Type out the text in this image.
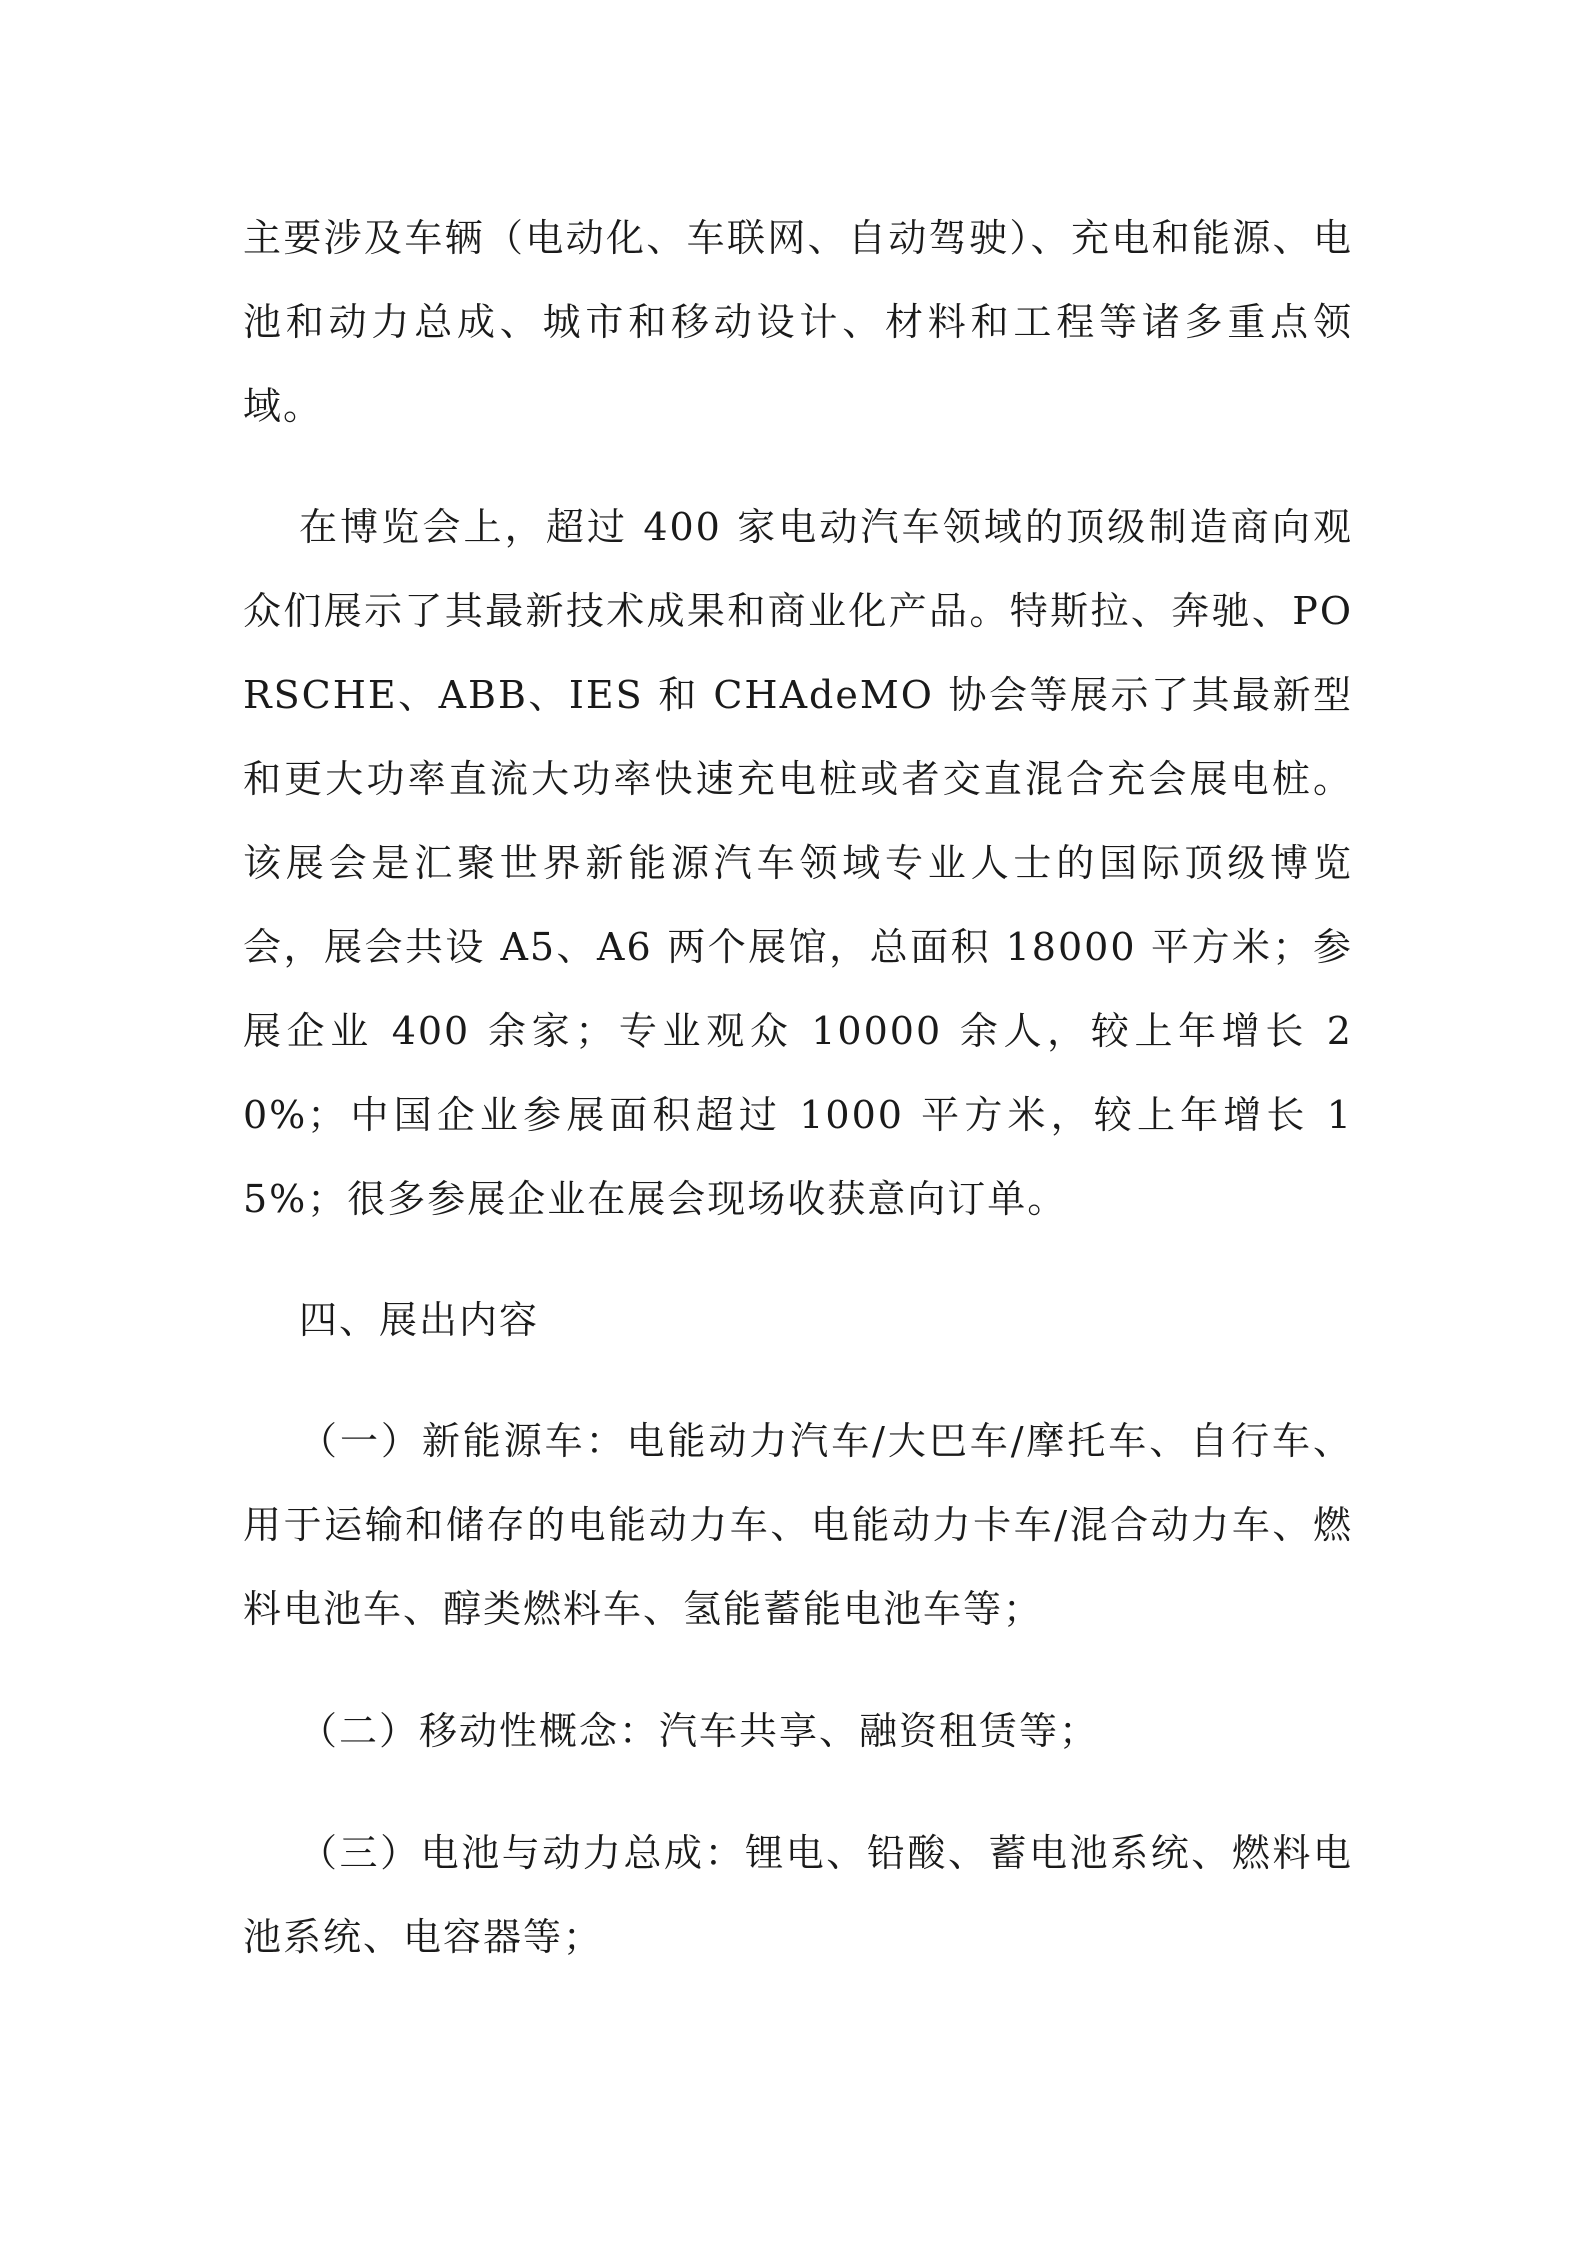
主要涉及车辆（电动化、车联网、自动驾驶）、充电和能源、电池和动力总成、城市和移动设计、材料和工程等诸多重点领域。

在博览会上，超过 400 家电动汽车领域的顶级制造商向观众们展示了其最新技术成果和商业化产品。特斯拉、奔驰、PORSCHE、ABB、IES 和 CHAdeMO 协会等展示了其最新型和更大功率直流大功率快速充电桩或者交直混合充会展电桩。该展会是汇聚世界新能源汽车领域专业人士的国际顶级博览会，展会共设 A5、A6 两个展馆，总面积 18000 平方米；参展企业 400 余家；专业观众 10000 余人，较上年增长 20%；中国企业参展面积超过 1000 平方米，较上年增长 15%；很多参展企业在展会现场收获意向订单。

四、展出内容

（一）新能源车：电能动力汽车/大巴车/摩托车、自行车、用于运输和储存的电能动力车、电能动力卡车/混合动力车、燃料电池车、醇类燃料车、氢能蓄能电池车等；

（二）移动性概念：汽车共享、融资租赁等；

（三）电池与动力总成：锂电、铅酸、蓄电池系统、燃料电池系统、电容器等；
